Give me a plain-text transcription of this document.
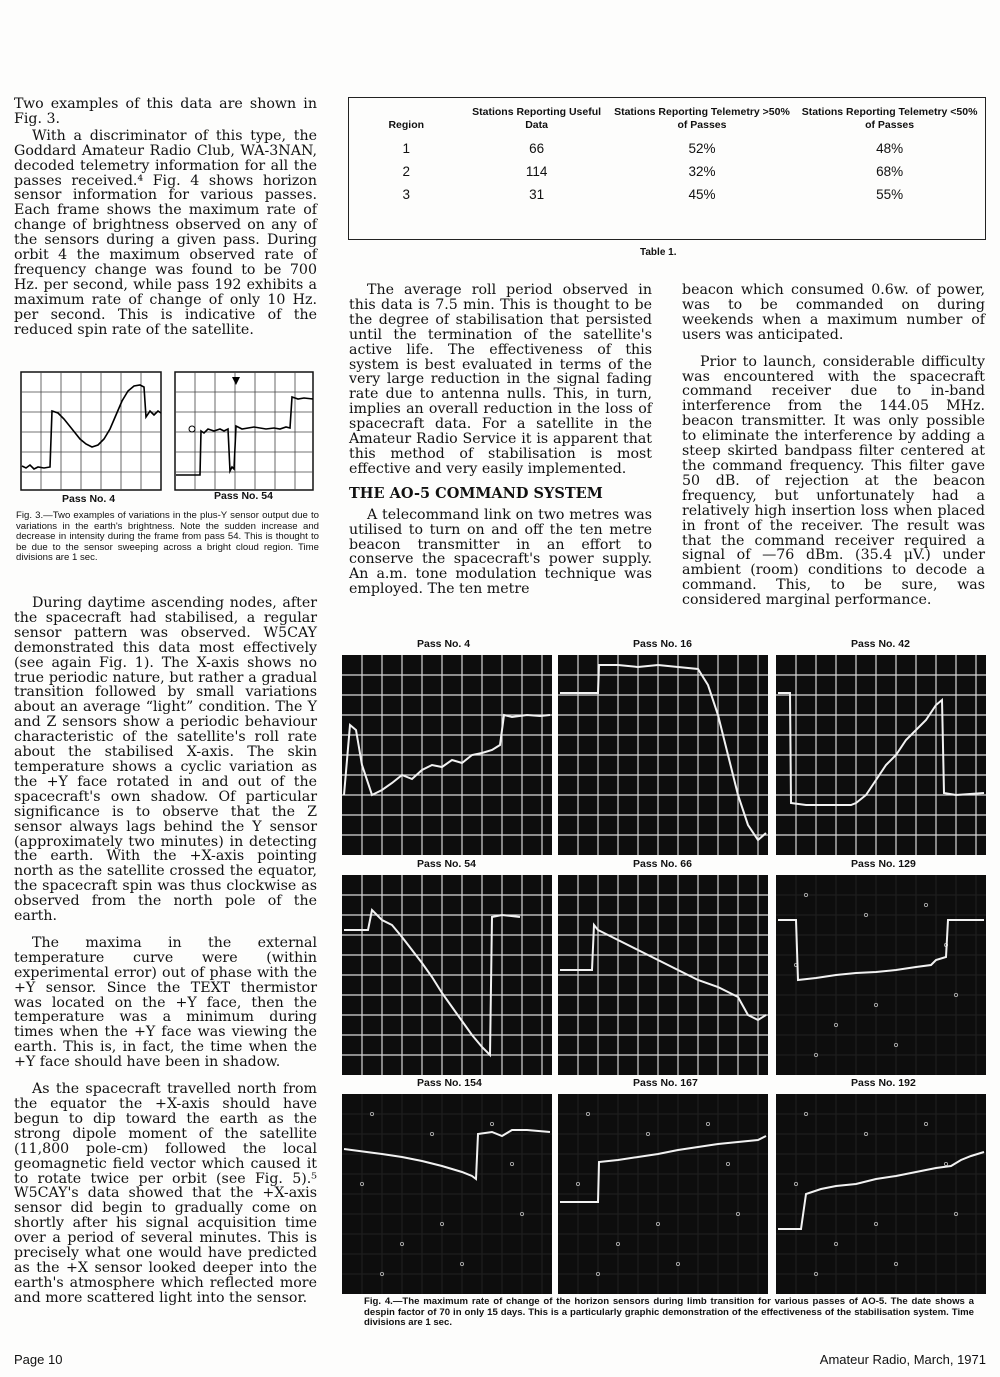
Two examples of this data are shown in Fig. 3.

With a discriminator of this type, the Goddard Amateur Radio Club, WA-3NAN, decoded telemetry information for all the passes received.⁴ Fig. 4 shows horizon sensor information for various passes. Each frame shows the maximum rate of change of brightness observed on any of the sensors during a given pass. During orbit 4 the maximum observed rate of frequency change was found to be 700 Hz. per second, while pass 192 exhibits a maximum rate of change of only 10 Hz. per second. This is indicative of the reduced spin rate of the satellite.

Pass No. 4	Pass No. 54
Fig. 3.—Two examples of variations in the plus-Y sensor output due to variations in the earth's brightness. Note the sudden increase and decrease in intensity during the frame from pass 54. This is thought to be due to the sensor sweeping across a bright cloud region. Time divisions are 1 sec.

During daytime ascending nodes, after the spacecraft had stabilised, a regular sensor pattern was observed. W5CAY demonstrated this data most effectively (see again Fig. 1). The X-axis shows no true periodic nature, but rather a gradual transition followed by small variations about an average “light” condition. The Y and Z sensors show a periodic behaviour characteristic of the satellite's roll rate about the stabilised X-axis. The skin temperature shows a cyclic variation as the +Y face rotated in and out of the spacecraft's own shadow. Of particular significance is to observe that the Z sensor always lags behind the Y sensor (approximately two minutes) in detecting the earth. With the +X-axis pointing north as the satellite crossed the equator, the spacecraft spin was thus clockwise as observed from the north pole of the earth.

The maxima in the external temperature curve were (within experimental error) out of phase with the +Y sensor. Since the TEXT thermistor was located on the +Y face, then the temperature was a minimum during times when the +Y face was viewing the earth. This is, in fact, the time when the +Y face should have been in shadow.

As the spacecraft travelled north from the equator the +X-axis should have begun to dip toward the earth as the strong dipole moment of the satellite (11,800 pole-cm) followed the local geomagnetic field vector which caused it to rotate twice per orbit (see Fig. 5).⁵ W5CAY's data showed that the +X-axis sensor did begin to gradually come on shortly after his signal acquisition time over a period of several minutes. This is precisely what one would have predicted as the +X sensor looked deeper into the earth's atmosphere which reflected more and more scattered light into the sensor.

Region	Stations Reporting Useful Data	Stations Reporting Telemetry >50% of Passes	Stations Reporting Telemetry <50% of Passes
1	66	52%	48%
2	114	32%	68%
3	31	45%	55%
Table 1.

The average roll period observed in this data is 7.5 min. This is thought to be the degree of stabilisation that persisted until the termination of the satellite's active life. The effectiveness of this system is best evaluated in terms of the very large reduction in the signal fading rate due to antenna nulls. This, in turn, implies an overall reduction in the loss of spacecraft data. For a satellite in the Amateur Radio Service it is apparent that this method of stabilisation is most effective and very easily implemented.

THE AO-5 COMMAND SYSTEM

A telecommand link on two metres was utilised to turn on and off the ten metre beacon transmitter in an effort to conserve the spacecraft's power supply. An a.m. tone modulation technique was employed. The ten metre

beacon which consumed 0.6w. of power, was to be commanded on during weekends when a maximum number of users was anticipated.

Prior to launch, considerable difficulty was encountered with the spacecraft command receiver due to in-band interference from the 144.05 MHz. beacon transmitter. It was only possible to eliminate the interference by adding a steep skirted bandpass filter centered at the command frequency. This filter gave 50 dB. of rejection at the beacon frequency, but unfortunately had a relatively high insertion loss when placed in front of the receiver. The result was that the command receiver required a signal of —76 dBm. (35.4 μV.) under ambient (room) conditions to decode a command. This, to be sure, was considered marginal performance.

Pass No. 4	Pass No. 16	Pass No. 42
Pass No. 54	Pass No. 66	Pass No. 129
Pass No. 154	Pass No. 167	Pass No. 192
Fig. 4.—The maximum rate of change of the horizon sensors during limb transition for various passes of AO-5. The date shows a despin factor of 70 in only 15 days. This is a particularly graphic demonstration of the effectiveness of the stabilisation system. Time divisions are 1 sec.
Page 10	Amateur Radio, March, 1971
